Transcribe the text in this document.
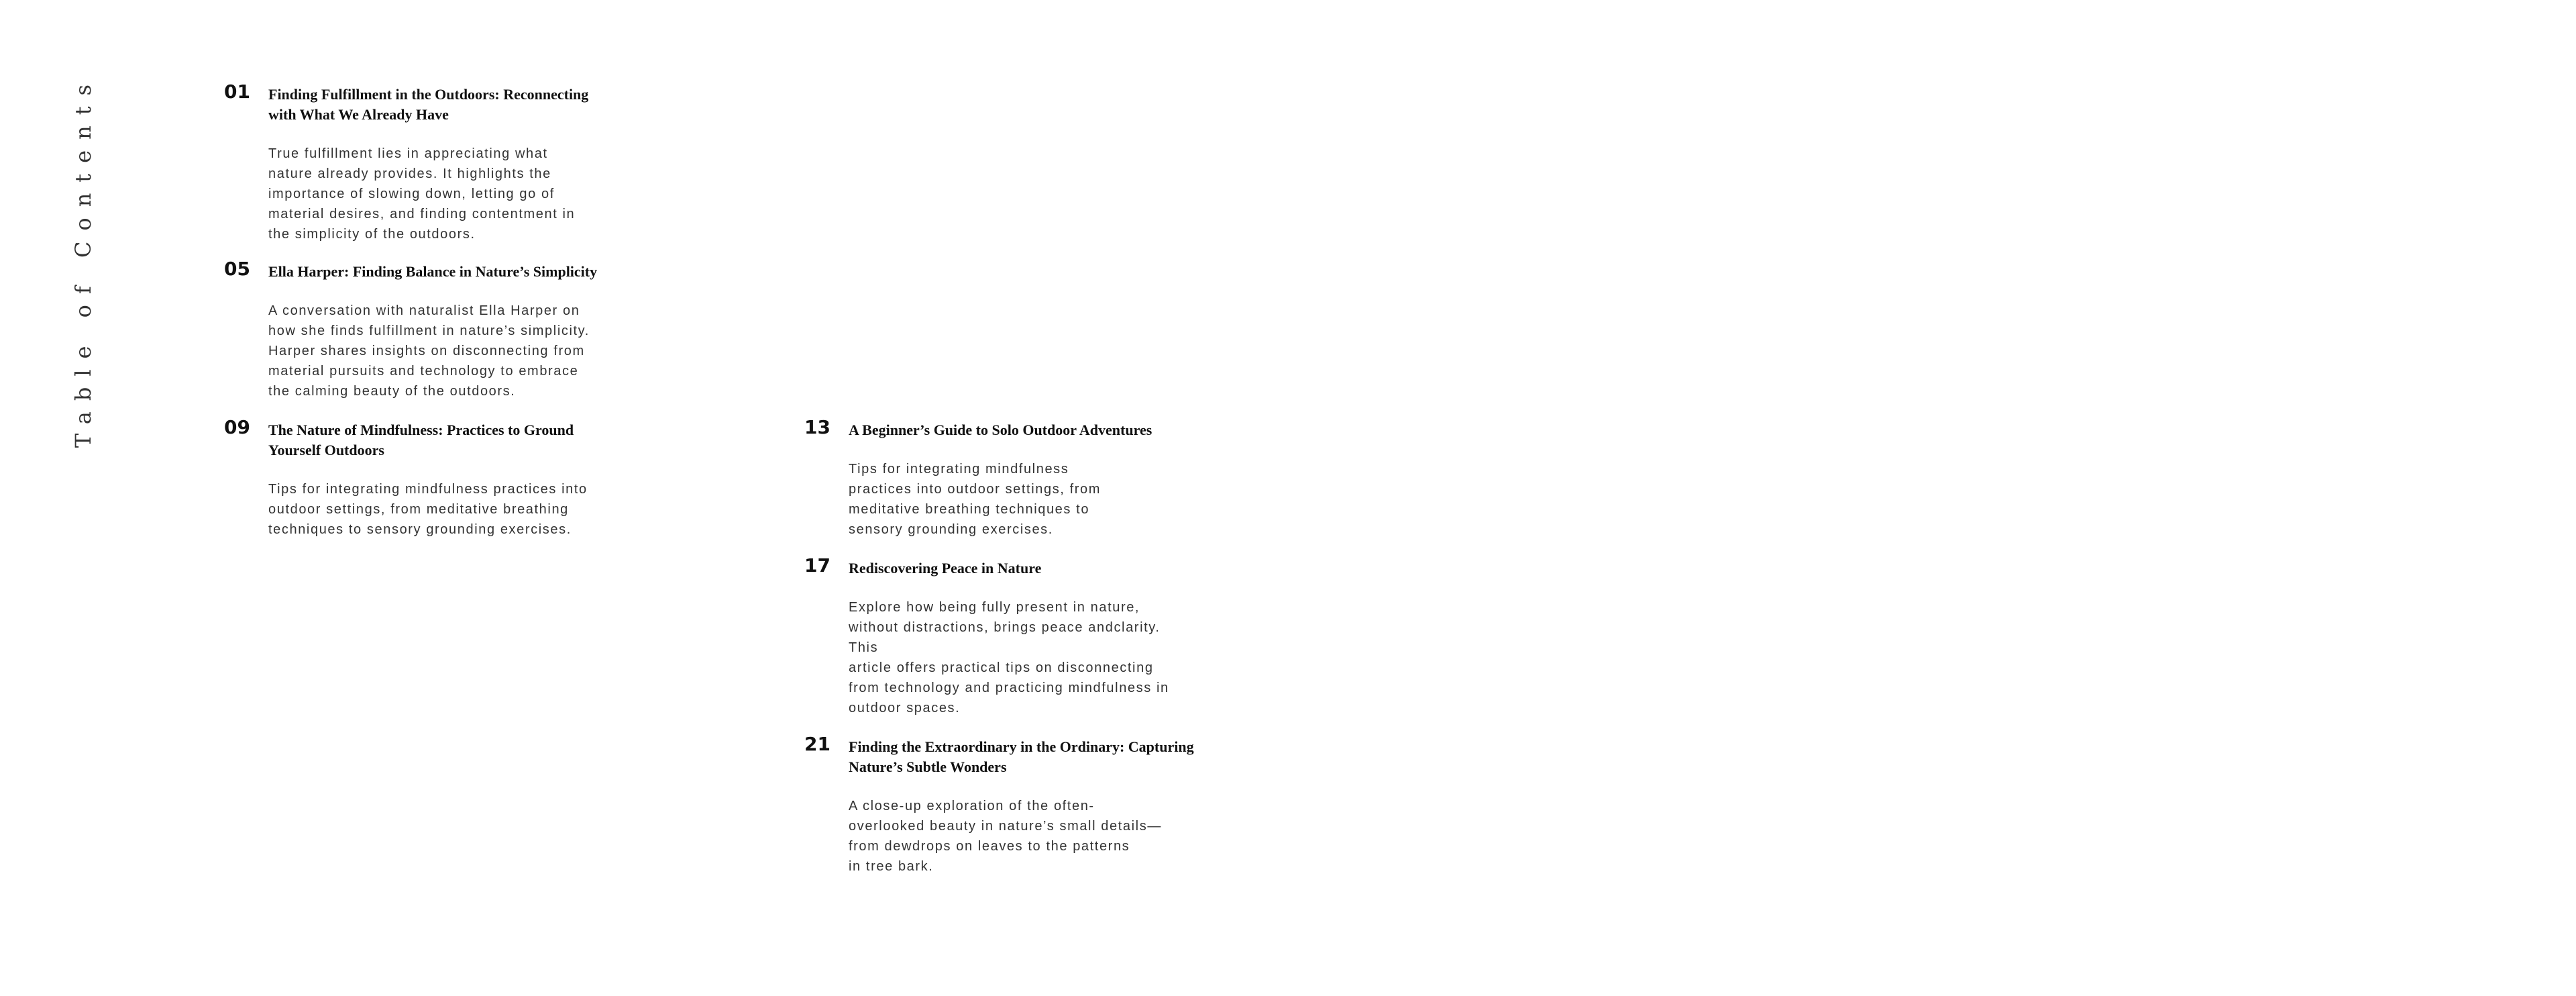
Table of Contents	01 Finding Fulfillment in the Outdoors: Reconnecting
with What We Already Have
True fulfillment lies in appreciating what
nature already provides. It highlights the
importance of slowing down, letting go of
material desires, and finding contentment in
the simplicity of the outdoors.
05 Ella Harper: Finding Balance in Nature’s Simplicity
A conversation with naturalist Ella Harper on
how she finds fulfillment in nature’s simplicity.
Harper shares insights on disconnecting from
material pursuits and technology to embrace
the calming beauty of the outdoors.
09 The Nature of Mindfulness: Practices to Ground
Yourself Outdoors
Tips for integrating mindfulness practices into
outdoor settings, from meditative breathing
techniques to sensory grounding exercises.
13 A Beginner’s Guide to Solo Outdoor Adventures
Tips for integrating mindfulness
practices into outdoor settings, from
meditative breathing techniques to
sensory grounding exercises.
17 Rediscovering Peace in Nature
Explore how being fully present in nature,
without distractions, brings peace andclarity.
This
article offers practical tips on disconnecting
from technology and practicing mindfulness in
outdoor spaces.
21 Finding the Extraordinary in the Ordinary: Capturing
Nature’s Subtle Wonders
A close-up exploration of the often-
overlooked beauty in nature’s small details—
from dewdrops on leaves to the patterns
in tree bark.
